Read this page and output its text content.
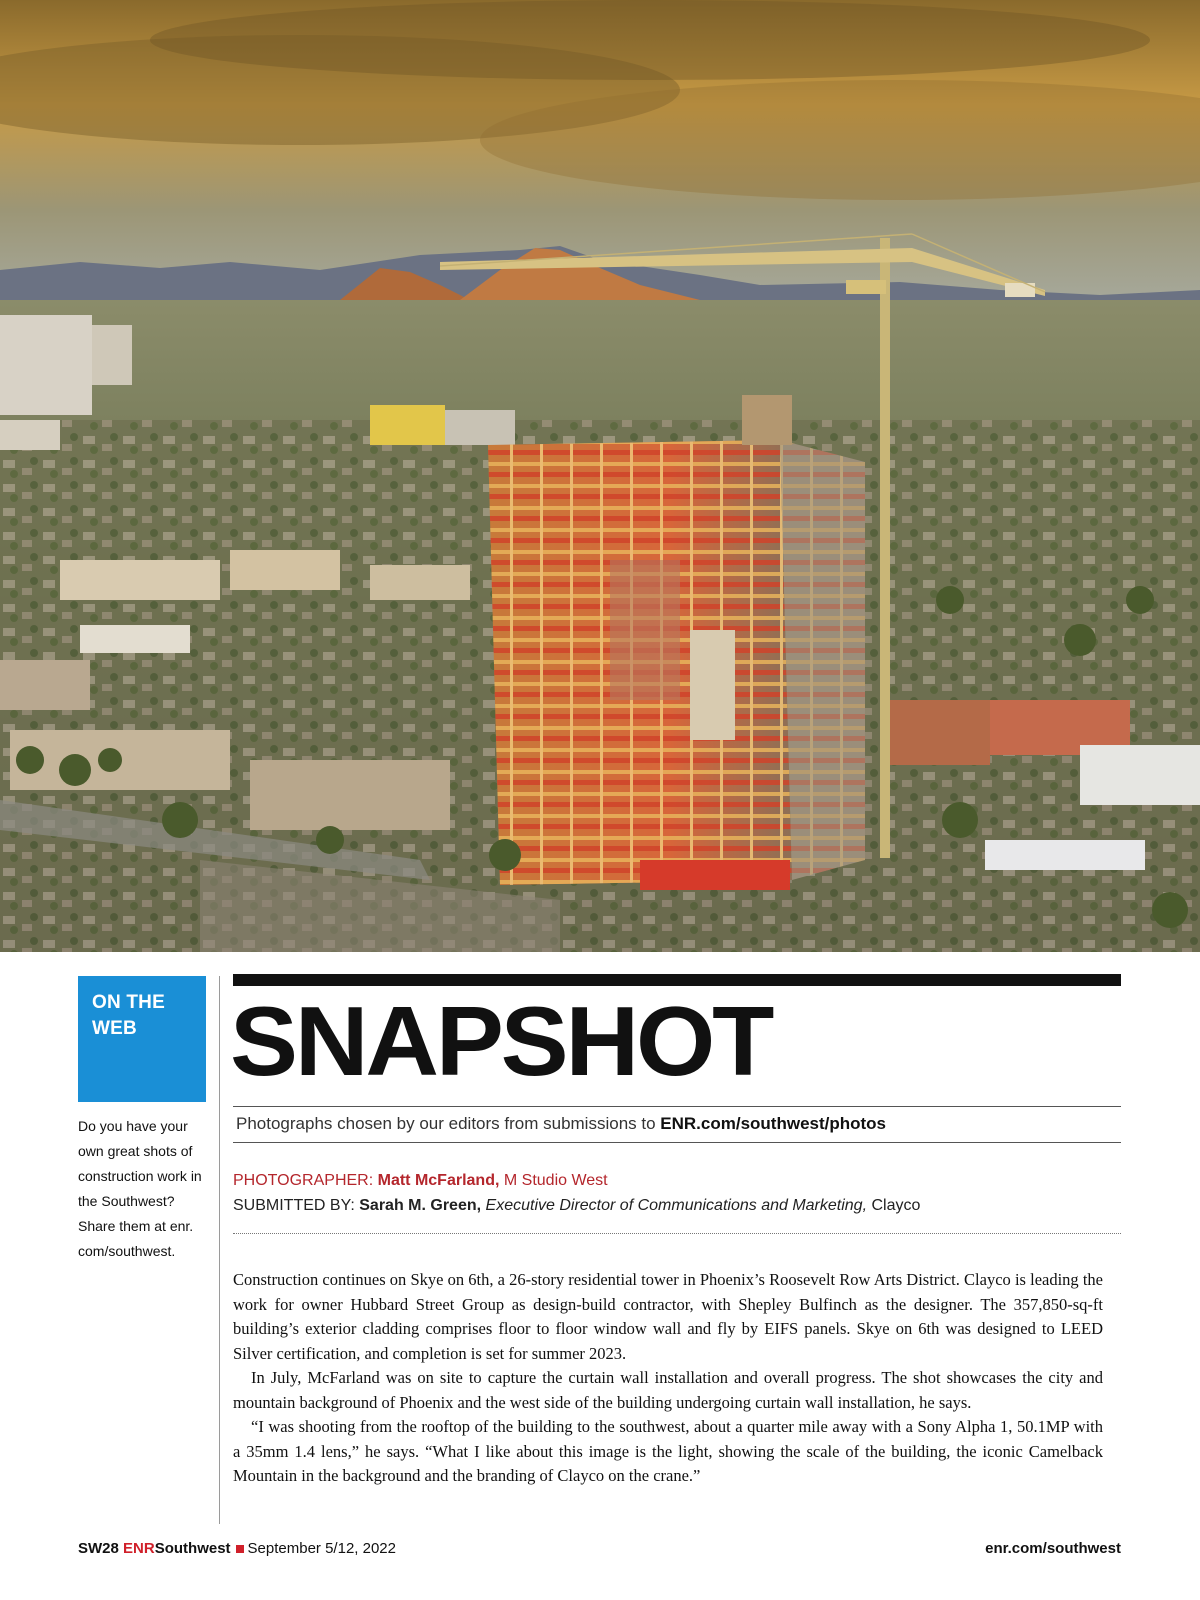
ON THE
WEB
Do you have your own great shots of construction work in the Southwest? Share them at enr. com/southwest.
SNAPSHOT
Photographs chosen by our editors from submissions to ENR.com/southwest/photos
PHOTOGRAPHER: Matt McFarland, M Studio West
SUBMITTED BY: Sarah M. Green, Executive Director of Communications and Marketing, Clayco

Construction continues on Skye on 6th, a 26-story residential tower in Phoenix’s Roosevelt Row Arts District. Clayco is leading the work for owner Hubbard Street Group as design-build contractor, with Shepley Bulfinch as the designer. The 357,850-sq-ft building’s exterior cladding comprises floor to floor window wall and fly by EIFS panels. Skye on 6th was designed to LEED Silver certification, and completion is set for summer 2023.

In July, McFarland was on site to capture the curtain wall installation and overall progress. The shot showcases the city and mountain background of Phoenix and the west side of the building undergoing curtain wall installation, he says.

“I was shooting from the rooftop of the building to the southwest, about a quarter mile away with a Sony Alpha 1, 50.1MP with a 35mm 1.4 lens,” he says. “What I like about this image is the light, showing the scale of the building, the iconic Camelback Mountain in the background and the branding of Clayco on the crane.”

SW28 ENRSouthwest September 5/12, 2022	enr.com/southwest
